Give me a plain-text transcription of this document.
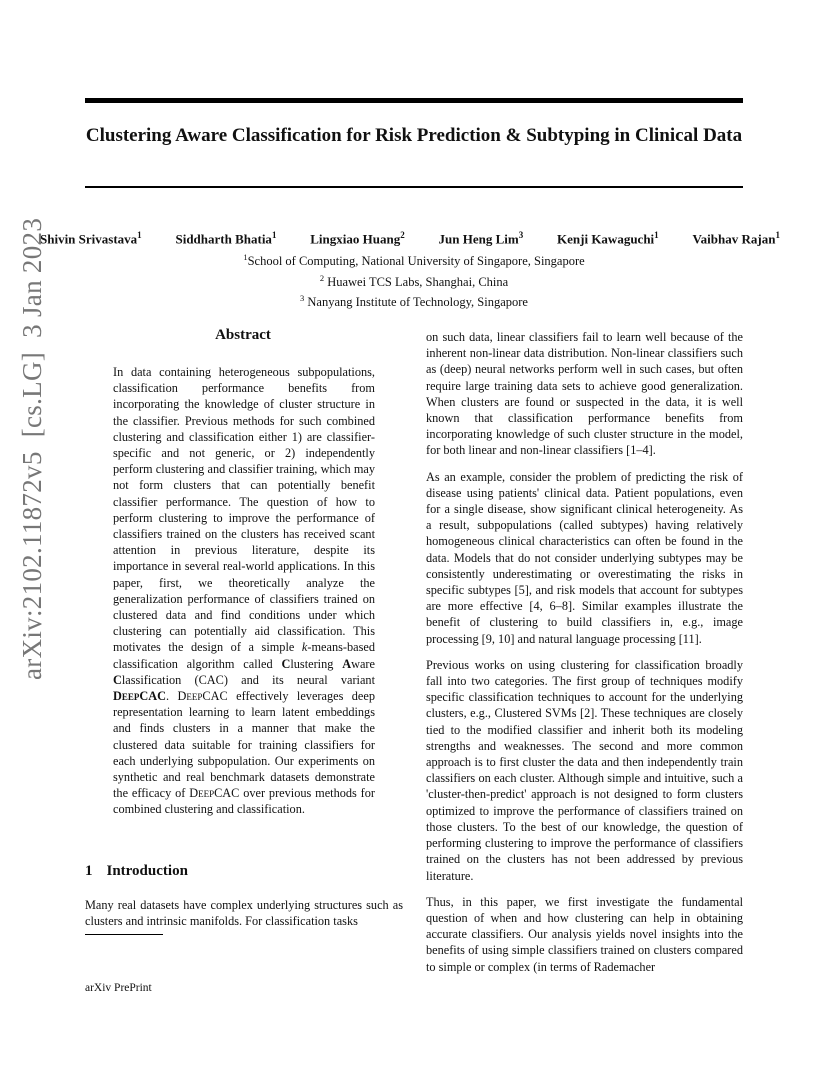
Clustering Aware Classification for Risk Prediction & Subtyping in Clinical Data
Shivin Srivastava$^1$	Siddharth Bhatia$^1$	Lingxiao Huang$^2$	Jun Heng Lim$^3$	Kenji Kawaguchi$^1$	Vaibhav Rajan$^1$
$^1$School of Computing, National University of Singapore, Singapore
$^2$ Huawei TCS Labs, Shanghai, China
$^3$ Nanyang Institute of Technology, Singapore
arXiv:2102.11872v5  [cs.LG]  3 Jan 2023	Abstract
In data containing heterogeneous subpopulations, classification performance benefits from incorporating the knowledge of cluster structure in the classifier. Previous methods for such combined clustering and classification either 1) are classifier-specific and not generic, or 2) independently perform clustering and classifier training, which may not form clusters that can potentially benefit classifier performance. The question of how to perform clustering to improve the performance of classifiers trained on the clusters has received scant attention in previous literature, despite its importance in several real-world applications. In this paper, first, we theoretically analyze the generalization performance of classifiers trained on clustered data and find conditions under which clustering can potentially aid classification. This motivates the design of a simple k-means-based classification algorithm called Clustering Aware Classification (CAC) and its neural variant DeepCAC. DeepCAC effectively leverages deep representation learning to learn latent embeddings and finds clusters in a manner that make the clustered data suitable for training classifiers for each underlying subpopulation. Our experiments on synthetic and real benchmark datasets demonstrate the efficacy of DeepCAC over previous methods for combined clustering and classification.
1 Introduction
Many real datasets have complex underlying structures such as clusters and intrinsic manifolds. For classification tasks
arXiv PrePrint

on such data, linear classifiers fail to learn well because of the inherent non-linear data distribution. Non-linear classifiers such as (deep) neural networks perform well in such cases, but often require large training data sets to achieve good generalization. When clusters are found or suspected in the data, it is well known that classification performance benefits from incorporating knowledge of such cluster structure in the model, for both linear and non-linear classifiers [1–4].

As an example, consider the problem of predicting the risk of disease using patients' clinical data. Patient populations, even for a single disease, show significant clinical heterogeneity. As a result, subpopulations (called subtypes) having relatively homogeneous clinical characteristics can often be found in the data. Models that do not consider underlying subtypes may be consistently underestimating or overestimating the risks in specific subtypes [5], and risk models that account for subtypes are more effective [4, 6–8]. Similar examples illustrate the benefit of clustering to build classifiers in, e.g., image processing [9, 10] and natural language processing [11].

Previous works on using clustering for classification broadly fall into two categories. The first group of techniques modify specific classification techniques to account for the underlying clusters, e.g., Clustered SVMs [2]. These techniques are closely tied to the modified classifier and inherit both its modeling strengths and weaknesses. The second and more common approach is to first cluster the data and then independently train classifiers on each cluster. Although simple and intuitive, such a 'cluster-then-predict' approach is not designed to form clusters optimized to improve the performance of classifiers trained on those clusters. To the best of our knowledge, the question of performing clustering to improve the performance of classifiers trained on the clusters has not been addressed by previous literature.

Thus, in this paper, we first investigate the fundamental question of when and how clustering can help in obtaining accurate classifiers. Our analysis yields novel insights into the benefits of using simple classifiers trained on clusters compared to simple or complex (in terms of Rademacher
